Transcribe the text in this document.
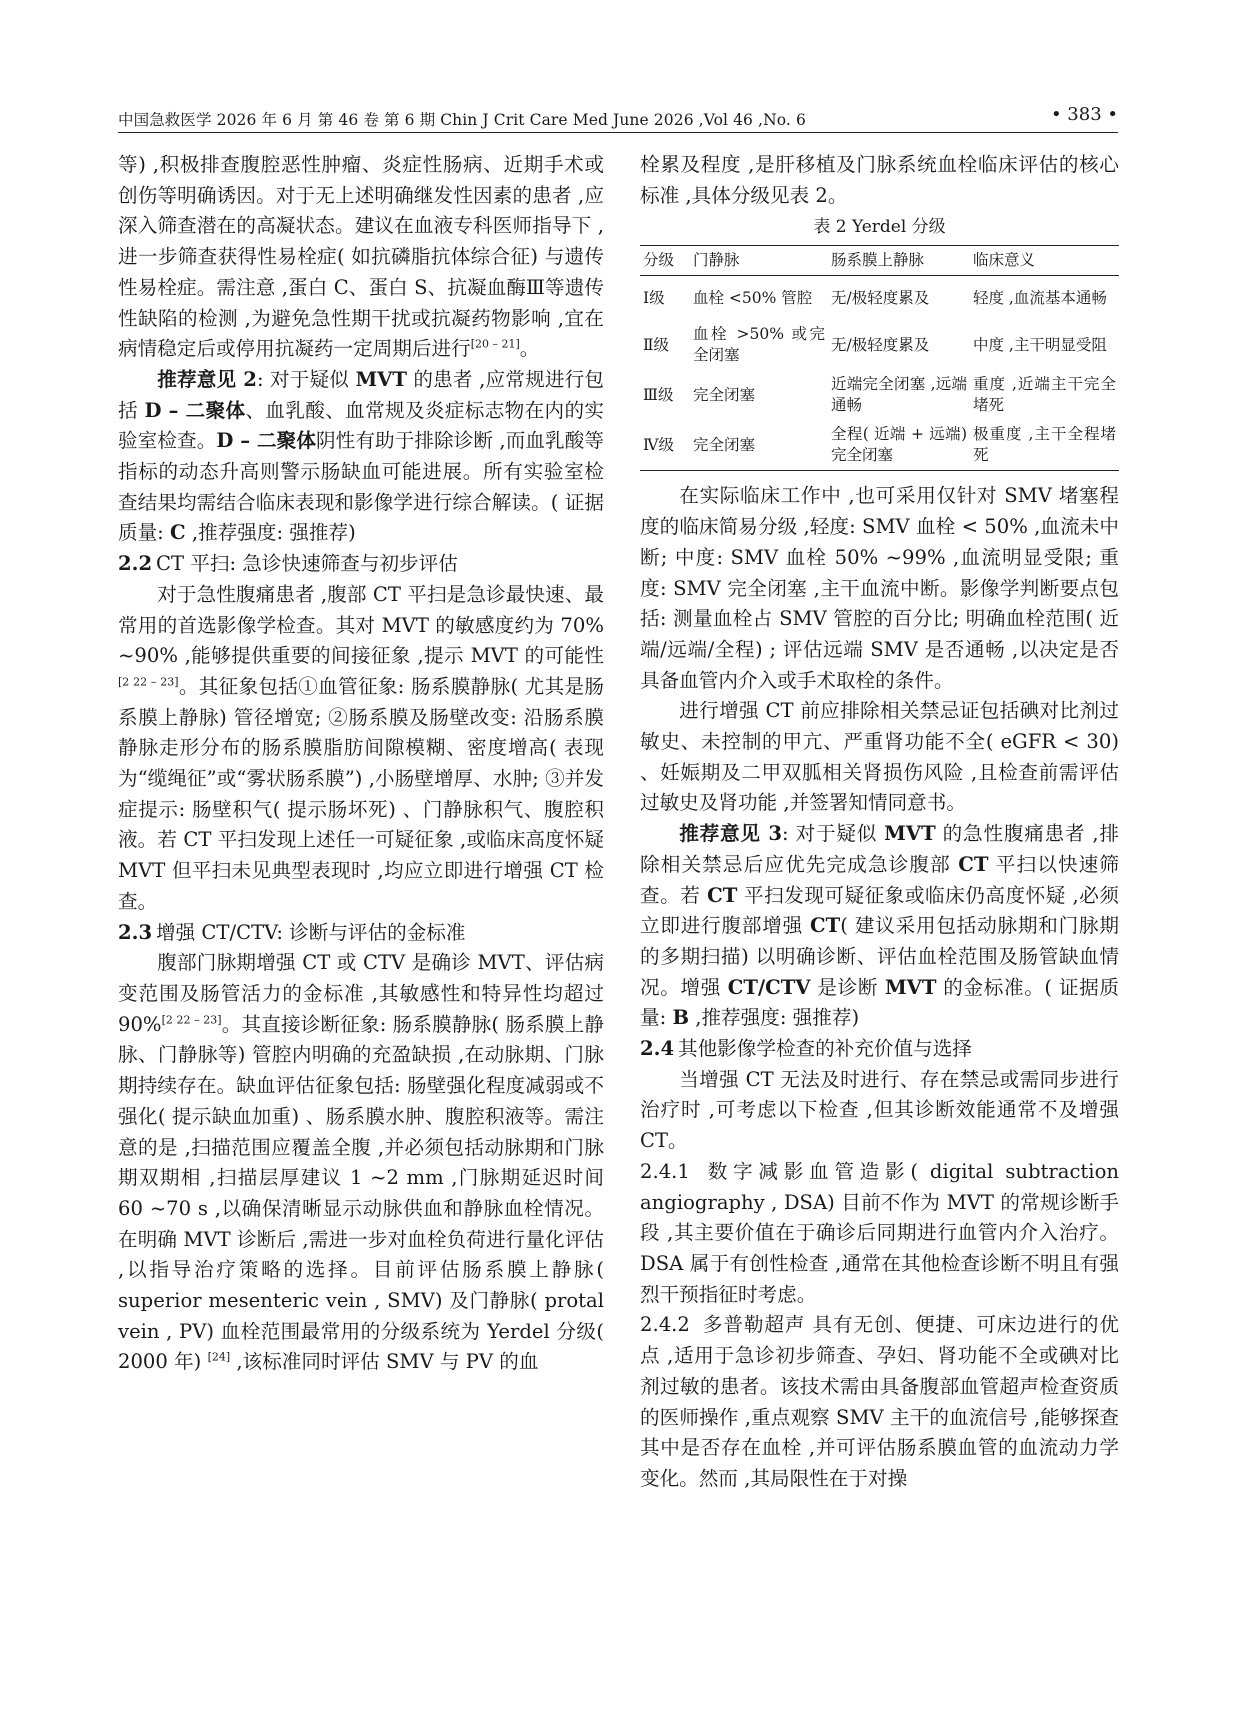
中国急救医学 2026 年 6 月 第 46 卷 第 6 期 Chin J Crit Care Med June 2026 ,Vol 46 ,No. 6	• 383 •

等) ,积极排查腹腔恶性肿瘤、炎症性肠病、近期手术或创伤等明确诱因。对于无上述明确继发性因素的患者 ,应深入筛查潜在的高凝状态。建议在血液专科医师指导下 ,进一步筛查获得性易栓症( 如抗磷脂抗体综合征) 与遗传性易栓症。需注意 ,蛋白 C、蛋白 S、抗凝血酶Ⅲ等遗传性缺陷的检测 ,为避免急性期干扰或抗凝药物影响 ,宜在病情稳定后或停用抗凝药一定周期后进行[20 – 21]。

推荐意见 2: 对于疑似 MVT 的患者 ,应常规进行包括 D – 二聚体、血乳酸、血常规及炎症标志物在内的实验室检查。D – 二聚体阴性有助于排除诊断 ,而血乳酸等指标的动态升高则警示肠缺血可能进展。所有实验室检查结果均需结合临床表现和影像学进行综合解读。( 证据质量: C ,推荐强度: 强推荐)

2.2 CT 平扫: 急诊快速筛查与初步评估

对于急性腹痛患者 ,腹部 CT 平扫是急诊最快速、最常用的首选影像学检查。其对 MVT 的敏感度约为 70% ~90% ,能够提供重要的间接征象 ,提示 MVT 的可能性[2 22 – 23]。其征象包括①血管征象: 肠系膜静脉( 尤其是肠系膜上静脉) 管径增宽; ②肠系膜及肠壁改变: 沿肠系膜静脉走形分布的肠系膜脂肪间隙模糊、密度增高( 表现为“缆绳征”或“雾状肠系膜”) ,小肠壁增厚、水肿; ③并发症提示: 肠壁积气( 提示肠坏死) 、门静脉积气、腹腔积液。若 CT 平扫发现上述任一可疑征象 ,或临床高度怀疑 MVT 但平扫未见典型表现时 ,均应立即进行增强 CT 检查。

2.3 增强 CT/CTV: 诊断与评估的金标准

腹部门脉期增强 CT 或 CTV 是确诊 MVT、评估病变范围及肠管活力的金标准 ,其敏感性和特异性均超过 90%[2 22 – 23]。其直接诊断征象: 肠系膜静脉( 肠系膜上静脉、门静脉等) 管腔内明确的充盈缺损 ,在动脉期、门脉期持续存在。缺血评估征象包括: 肠壁强化程度减弱或不强化( 提示缺血加重) 、肠系膜水肿、腹腔积液等。需注意的是 ,扫描范围应覆盖全腹 ,并必须包括动脉期和门脉期双期相 ,扫描层厚建议 1 ~2 mm ,门脉期延迟时间 60 ~70 s ,以确保清晰显示动脉供血和静脉血栓情况。在明确 MVT 诊断后 ,需进一步对血栓负荷进行量化评估 ,以指导治疗策略的选择。目前评估肠系膜上静脉( superior mesenteric vein , SMV) 及门静脉( protal vein , PV) 血栓范围最常用的分级系统为 Yerdel 分级( 2000 年) [24] ,该标准同时评估 SMV 与 PV 的血

栓累及程度 ,是肝移植及门脉系统血栓临床评估的核心标准 ,具体分级见表 2。

表 2 Yerdel 分级
分级	门静脉	肠系膜上静脉	临床意义
Ⅰ级	血栓 <50% 管腔	无/极轻度累及	轻度 ,血流基本通畅
Ⅱ级	血栓 >50% 或完全闭塞	无/极轻度累及	中度 ,主干明显受阻
Ⅲ级	完全闭塞	近端完全闭塞 ,远端通畅	重度 ,近端主干完全堵死
Ⅳ级	完全闭塞	全程( 近端 + 远端) 完全闭塞	极重度 ,主干全程堵死

在实际临床工作中 ,也可采用仅针对 SMV 堵塞程度的临床简易分级 ,轻度: SMV 血栓 < 50% ,血流未中断; 中度: SMV 血栓 50% ~99% ,血流明显受限; 重度: SMV 完全闭塞 ,主干血流中断。影像学判断要点包括: 测量血栓占 SMV 管腔的百分比; 明确血栓范围( 近端/远端/全程) ; 评估远端 SMV 是否通畅 ,以决定是否具备血管内介入或手术取栓的条件。

进行增强 CT 前应排除相关禁忌证包括碘对比剂过敏史、未控制的甲亢、严重肾功能不全( eGFR < 30) 、妊娠期及二甲双胍相关肾损伤风险 ,且检查前需评估过敏史及肾功能 ,并签署知情同意书。

推荐意见 3: 对于疑似 MVT 的急性腹痛患者 ,排除相关禁忌后应优先完成急诊腹部 CT 平扫以快速筛查。若 CT 平扫发现可疑征象或临床仍高度怀疑 ,必须立即进行腹部增强 CT( 建议采用包括动脉期和门脉期的多期扫描) 以明确诊断、评估血栓范围及肠管缺血情况。增强 CT/CTV 是诊断 MVT 的金标准。( 证据质量: B ,推荐强度: 强推荐)

2.4 其他影像学检查的补充价值与选择

当增强 CT 无法及时进行、存在禁忌或需同步进行治疗时 ,可考虑以下检查 ,但其诊断效能通常不及增强 CT。

2.4.1 数字减影血管造影( digital subtraction angiography , DSA) 目前不作为 MVT 的常规诊断手段 ,其主要价值在于确诊后同期进行血管内介入治疗。DSA 属于有创性检查 ,通常在其他检查诊断不明且有强烈干预指征时考虑。

2.4.2 多普勒超声 具有无创、便捷、可床边进行的优点 ,适用于急诊初步筛查、孕妇、肾功能不全或碘对比剂过敏的患者。该技术需由具备腹部血管超声检查资质的医师操作 ,重点观察 SMV 主干的血流信号 ,能够探查其中是否存在血栓 ,并可评估肠系膜血管的血流动力学变化。然而 ,其局限性在于对操
